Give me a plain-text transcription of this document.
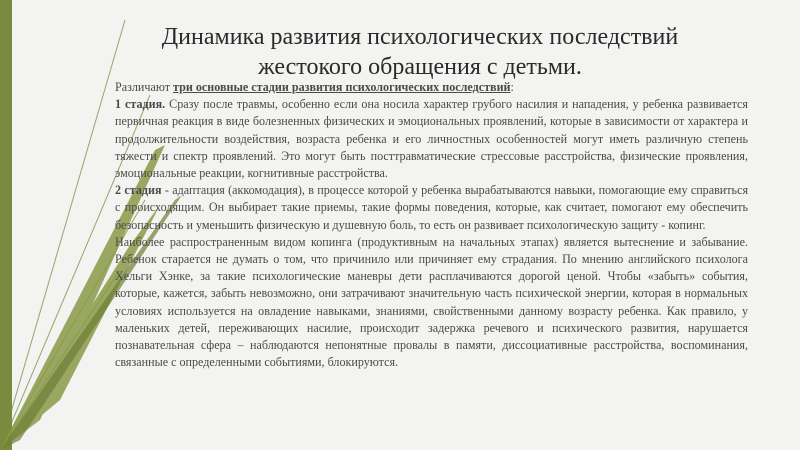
Динамика развития психологических последствий
жестокого обращения с детьми.

Различают три основные стадии развития психологических последствий:

1 стадия. Сразу после травмы, особенно если она носила характер грубого насилия и нападения, у ребенка развивается первичная реакция в виде болезненных физических и эмоциональных проявлений, которые в зависимости от характера и продолжительности воздействия, возраста ребенка и его личностных особенностей могут иметь различную степень тяжести и спектр проявлений. Это могут быть посттравматические стрессовые расстройства, физические проявления, эмоциональные реакции, когнитивные расстройства.

2 стадия - адаптация (аккомодация), в процессе которой у ребенка вырабатываются навыки, помогающие ему справиться с происходящим. Он выбирает такие приемы, такие формы поведения, которые, как считает, помогают ему обеспечить безопасность и уменьшить физическую и душевную боль, то есть он развивает психологическую защиту - копинг.

Наиболее распространенным видом копинга (продуктивным на начальных этапах) является вытеснение и забывание. Ребенок старается не думать о том, что причинило или причиняет ему страдания. По мнению английского психолога Хельги Хэнке, за такие психологические маневры дети расплачиваются дорогой ценой. Чтобы «забыть» события, которые, кажется, забыть невозможно, они затрачивают значительную часть психической энергии, которая в нормальных условиях используется на овладение навыками, знаниями, свойственными данному возрасту ребенка. Как правило, у маленьких детей, переживающих насилие, происходит задержка речевого и психического развития, нарушается познавательная сфера – наблюдаются непонятные провалы в памяти, диссоциативные расстройства, воспоминания, связанные с определенными событиями, блокируются.
